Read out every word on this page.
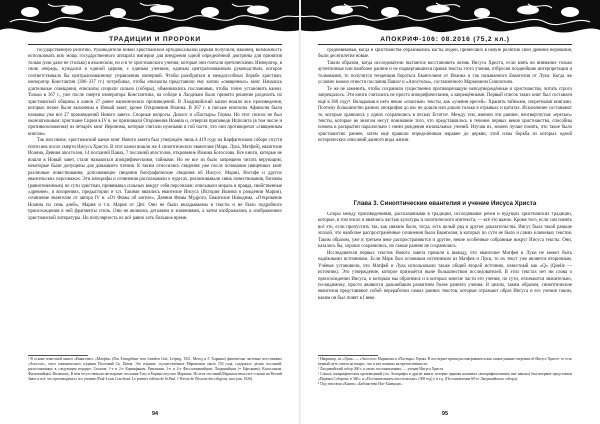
ТРАДИЦИИ И ПРОРОКИ

государственную религию. Руководители новой христианской ортодоксальной церкви получили, наконец, возможность использовать всю мощь государственного аппарата империи для внедрения одной определённой доктрины для принятия только (или даже не столько) в языческом, но и в те христианского учения, которые они считали еретическими. Император, в свою очередь, нуждался в единой церкви, с единым учением, единым централизованным руководством, которое соответствовало бы централизованному управлению империей. Чтобы разобраться в междоусобных борьбе христиан, император Константин (306–337 гг.) потребовал, чтобы епископы представили ему копии «священных» книг. Начались длительные совещания, епископы спорили сильно (соборы), обменивались посланиями, чтобы точно установить канон. Только в 367 г., уже после смерти императора Константина, на соборе в Лаодикии было принято решение разделить по христианской общины в канон 27 ранее канонических произведений. В Лаодикийский канон вошли все произведения, которые позже были включены в Новый завет, кроме Откровения Иоанна. В 367 г. в письме епископа Афанасия были названы уже все 27 произведений Нового завета. Спорные вопросы. Диалог и «Пастырь» Гермы. Но этот список не был окончательным: христиане Сирии в IV в. не признавали Откровения Иоанна и, отвергая проповеди Ипполита (в том числе и противоположения) из четырёх книг Иеронима, которые считали нужными в той части, что они противоречат «священным книгам».

Так или иначе, христианский канон книг Нового завета был утверждён лишь в 419 году на Карфагенском соборе спустя почти век после смерти Иисуса Христа. В этот канон вошли же 4 синоптических евангелия (Марк, Лука, Матфей), евангелие Иоанна, Деяния апостолов, 14 посланий Павла, 7 посланий апостолов, откровение Иоанна Богослова. Все книги, которые не вошли в Новый завет, стали называться апокрифическими, тайными. Но не все из было запрещено читать верующим; некоторые были допущены для домашнего чтения. К таким относились сведения уже после основания священных книг различные повествования, дополняющие сведения биографические сведения об Иисусе, Марии, Иосифе и других евангельских персонажах. Эти апокрифы и сочинения рассказывали о чудесах, реализовывали связь повествования, близком (равнотеменным) по сути христиан, привязывал сильных вокруг себя персонажи; описывали мораль и правда, свойственные «древнее», в воззрениях, предыстории и т.п. Такими являлись евангелие Иисуса (История Иоанна о рождении Марии), сочинение евангелие от автора IV в. «От Фомы об ангеле», Деяния Фомы Мудрого, Евангелие Никодима, «Откровение Иоанна по семь дней», Мария и т.п. Мария от Дит. Они не были вкладываемы в тексты и не было подробного происхождения в ней фрагменты стиль. Они не являлись деталями и значениями, а затем изображались в изображениях христианской литературы. Но популярность их всё равно хоть большое время.

¹ В основе известной книги «Евангелие» «Матфея» (Das Evangelium vom fremden Gott, Leipzig, 1921. Метод и Г. Харнака) фактически частично восстановил «Апостол», текст канонического издания Посланий Св. Павла. Это издание, осуществлённое Маркионом около 150 года, содержало десять посланий, расположенных в следующем порядке: Галатам, 1-е и 2-е Коринфянам, Римлянам, 1-е и 2-е Фессалоникийцам, Лаодикийцам (= Ефесянам), Колоссянам, Филиппийцам, Филимону. В нём отсутствовали пастырские послания Титу и Евреям опустил Маркион. Из этих посланий Маркион изъял все ссылки на Ветхий Завет и всё, что противоречило его учению (Paul-Louis Couchoud. Le premier édition de St.Paul. // Revue de l'histoire des religions, mai-juin, 1926).

94
АПОКРИФ-106: 08.2016 (75,2 кл.)

средневековья, когда в христианстве образовались касты людей, принёсших в новую религию свои древние верования, были десятилетия новые.

Таким образом, когда исследователи пытаются восстановить жизнь Иисуса Христа, если взять во внимание только аутентичные или наиболее ранние и не подвергавшиеся правке тексты этого учения, отбросив позднейшие интерпретации и толкования, то получится тенденция бороться Евангелием от Иоанна и так называемого Евангелия от Луки. Когда же условно можно отнести послания Павла¹ и «Апостолы», составленного Маркионом Синопским.

Те же не заменить, чтобы сохранили существенно противоречащую неподтверждённые и христианство, читать строго запрещалось. Эти книги считались не просто апокрифическими, а запрещёнными. Первый список таких книг был составлен ещё в 360 году². Вкладывая в него некие «опасные» тексты, как «учения ересей». Хранить тайными, секретными книгами. Поэтому большинство ранних апокрифов до нас не дошли или дошли только в отрывках и цитатах. Исключение составляют те, которые хранились у одних сохранились в песках Египта³. Между тем, именно эти ранние, неотвергнутые «ересью» тексты, которые во многом несут понимание того, что представлялось в течение первых веков христианства, способны помочь в раскрытии параллельно с ними рождения изначальных учений. Изучая их, можно лучше понять, что такое было христианство раннее, затем ещё правили определённым наравне до церкви, этой силы борьба из которых одной исторических описаний данного вида жизни.

Глава 3. Синоптические евангелия и учение Иисуса Христа

Споры между произведениями, рассказанными в традиции, исследование речей и будущих христианских традиций, которые, в том числе и являлись частью культуры и политического контекста, — всё это важно. Кроме того, если сам понять всё это, если пропустить так, как связано было, тогда, есть целый ряд и другие доказательства. Иисус была такой раньше эпохой, что наиболее распространённые сочинения были Евангелия, в которых по сути не было и самих ключевых текстов. Таким образом, уже в третьем веке распространяются и другие, некие особенные собранные вокруг Иисуса тексты. Они, казалось бы, хорошо сохранились, но самые ранние не сохранились.

Исследователи первых текстов Нового завета пришли к выводу, что евангелие Матфея и Луки не может быть надёжными источником. Если Марк был основным источником из Матфея и Луки, то их текст уже является вторичным. Учёные установили, что Матфей и Лука использовали также общий второй источник, известный как «Q» (Quelle — источник). Это утверждение, которое признаётся ныне большинством исследователей. В этих текстах нет ни слова о происхождении Иисуса, к которым мы обратимся и в которых многие части его учения, по сути, отличаются значительно, по-видимому, просто являются дальнейшим развитием более раннего учения. В целом, таким образом, синоптические евангелия представляют собой переработки самых ранних текстов, которые отражают образ Иисуса и его учения таким, каким он был понят в I веке.

¹ Например, из «Луки» — «Апостол» Маркиона и «Пастырь» Гермы. В последнее время рассматриваются как самые ранние сведения об Иисусе Христе, то есть первый путь ответа на вопрос, что и кто повлиял на преемственность.

² Лаодикийский собор 360 г. в своих постановлениях, — учение Иисуса Христа.

³ Список апокрифических произведений (см. Апокрифы и другие книги, которые церковь называла «апокрифическими» вне канона) был впервые представлен «Первым Собором» в 360 г. и «Постановлением апостольских» (369 год) у и т.д. (Постановление 60-го Лаодикийского собора).

⁴ Под текстами «Книги» «Библиотеки Наг-Хаммади».

95
